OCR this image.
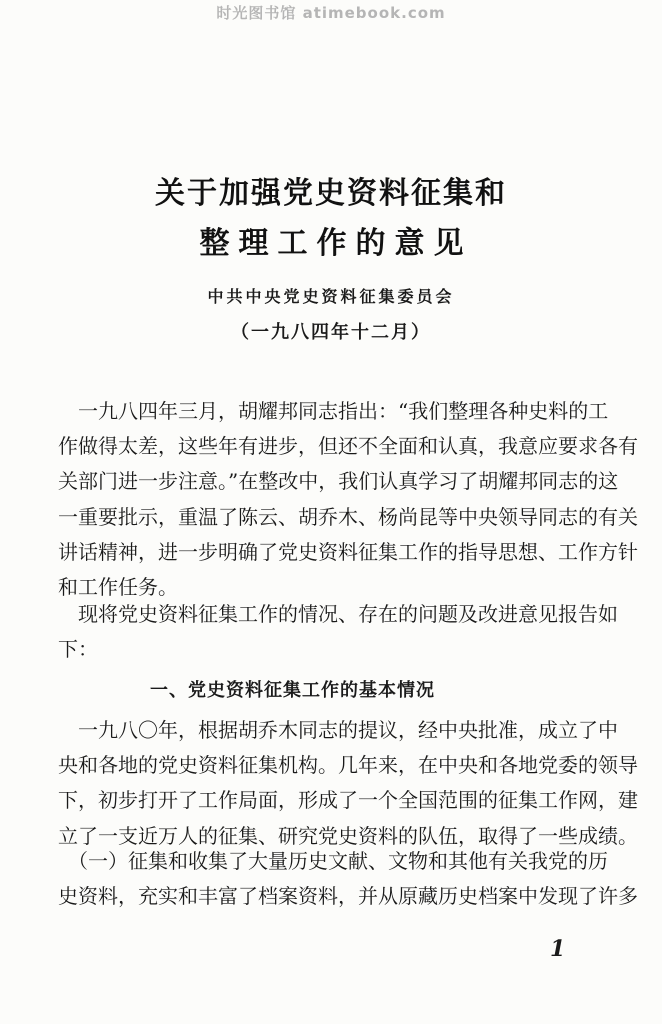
时光图书馆 atimebook.com
关于加强党史资料征集和
整理工作的意见
中共中央党史资料征集委员会
（一九八四年十二月）
　一九八四年三月，胡耀邦同志指出：“我们整理各种史料的工
作做得太差，这些年有进步，但还不全面和认真，我意应要求各有
关部门进一步注意。”在整改中，我们认真学习了胡耀邦同志的这
一重要批示，重温了陈云、胡乔木、杨尚昆等中央领导同志的有关
讲话精神，进一步明确了党史资料征集工作的指导思想、工作方针
和工作任务。
　现将党史资料征集工作的情况、存在的问题及改进意见报告如
下：
一、党史资料征集工作的基本情况
　一九八〇年，根据胡乔木同志的提议，经中央批准，成立了中
央和各地的党史资料征集机构。几年来，在中央和各地党委的领导
下，初步打开了工作局面，形成了一个全国范围的征集工作网，建
立了一支近万人的征集、研究党史资料的队伍，取得了一些成绩。
　（一）征集和收集了大量历史文献、文物和其他有关我党的历
史资料，充实和丰富了档案资料，并从原藏历史档案中发现了许多
1
